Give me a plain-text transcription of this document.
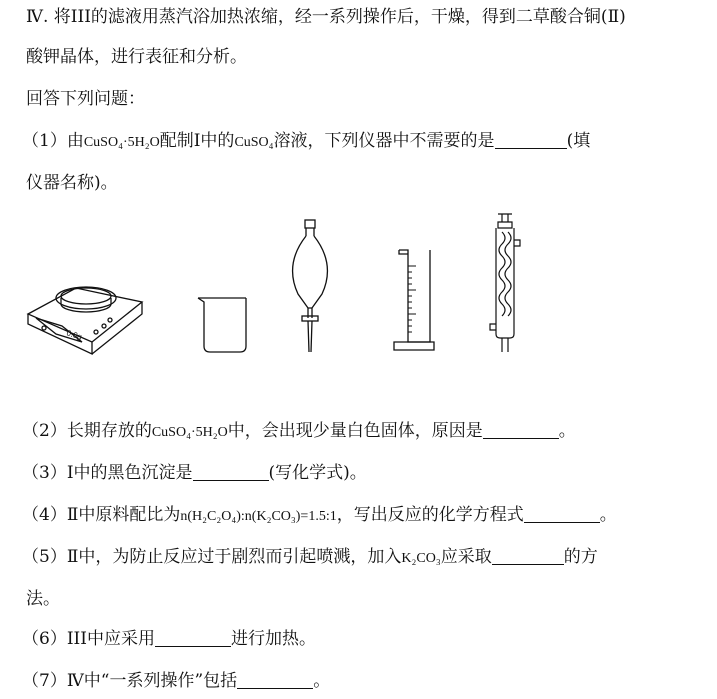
Ⅳ. 将III的滤液用蒸汽浴加热浓缩，经一系列操作后，干燥，得到二草酸合铜(Ⅱ)
酸钾晶体，进行表征和分析。
回答下列问题：
（1）由CuSO₄·5H₂O配制Ⅰ中的CuSO₄溶液，下列仪器中不需要的是	(填
仪器名称)。
0.0g
（2）长期存放的CuSO₄·5H₂O中，会出现少量白色固体，原因是	。
（3）Ⅰ中的黑色沉淀是	(写化学式)。
（4）Ⅱ中原料配比为n(H₂C₂O₄):n(K₂CO₃)=1.5:1，写出反应的化学方程式	。
（5）Ⅱ中，为防止反应过于剧烈而引起喷溅，加入K₂CO₃应采取	的方
法。
（6）III中应采用	进行加热。
（7）Ⅳ中“一系列操作”包括	。
